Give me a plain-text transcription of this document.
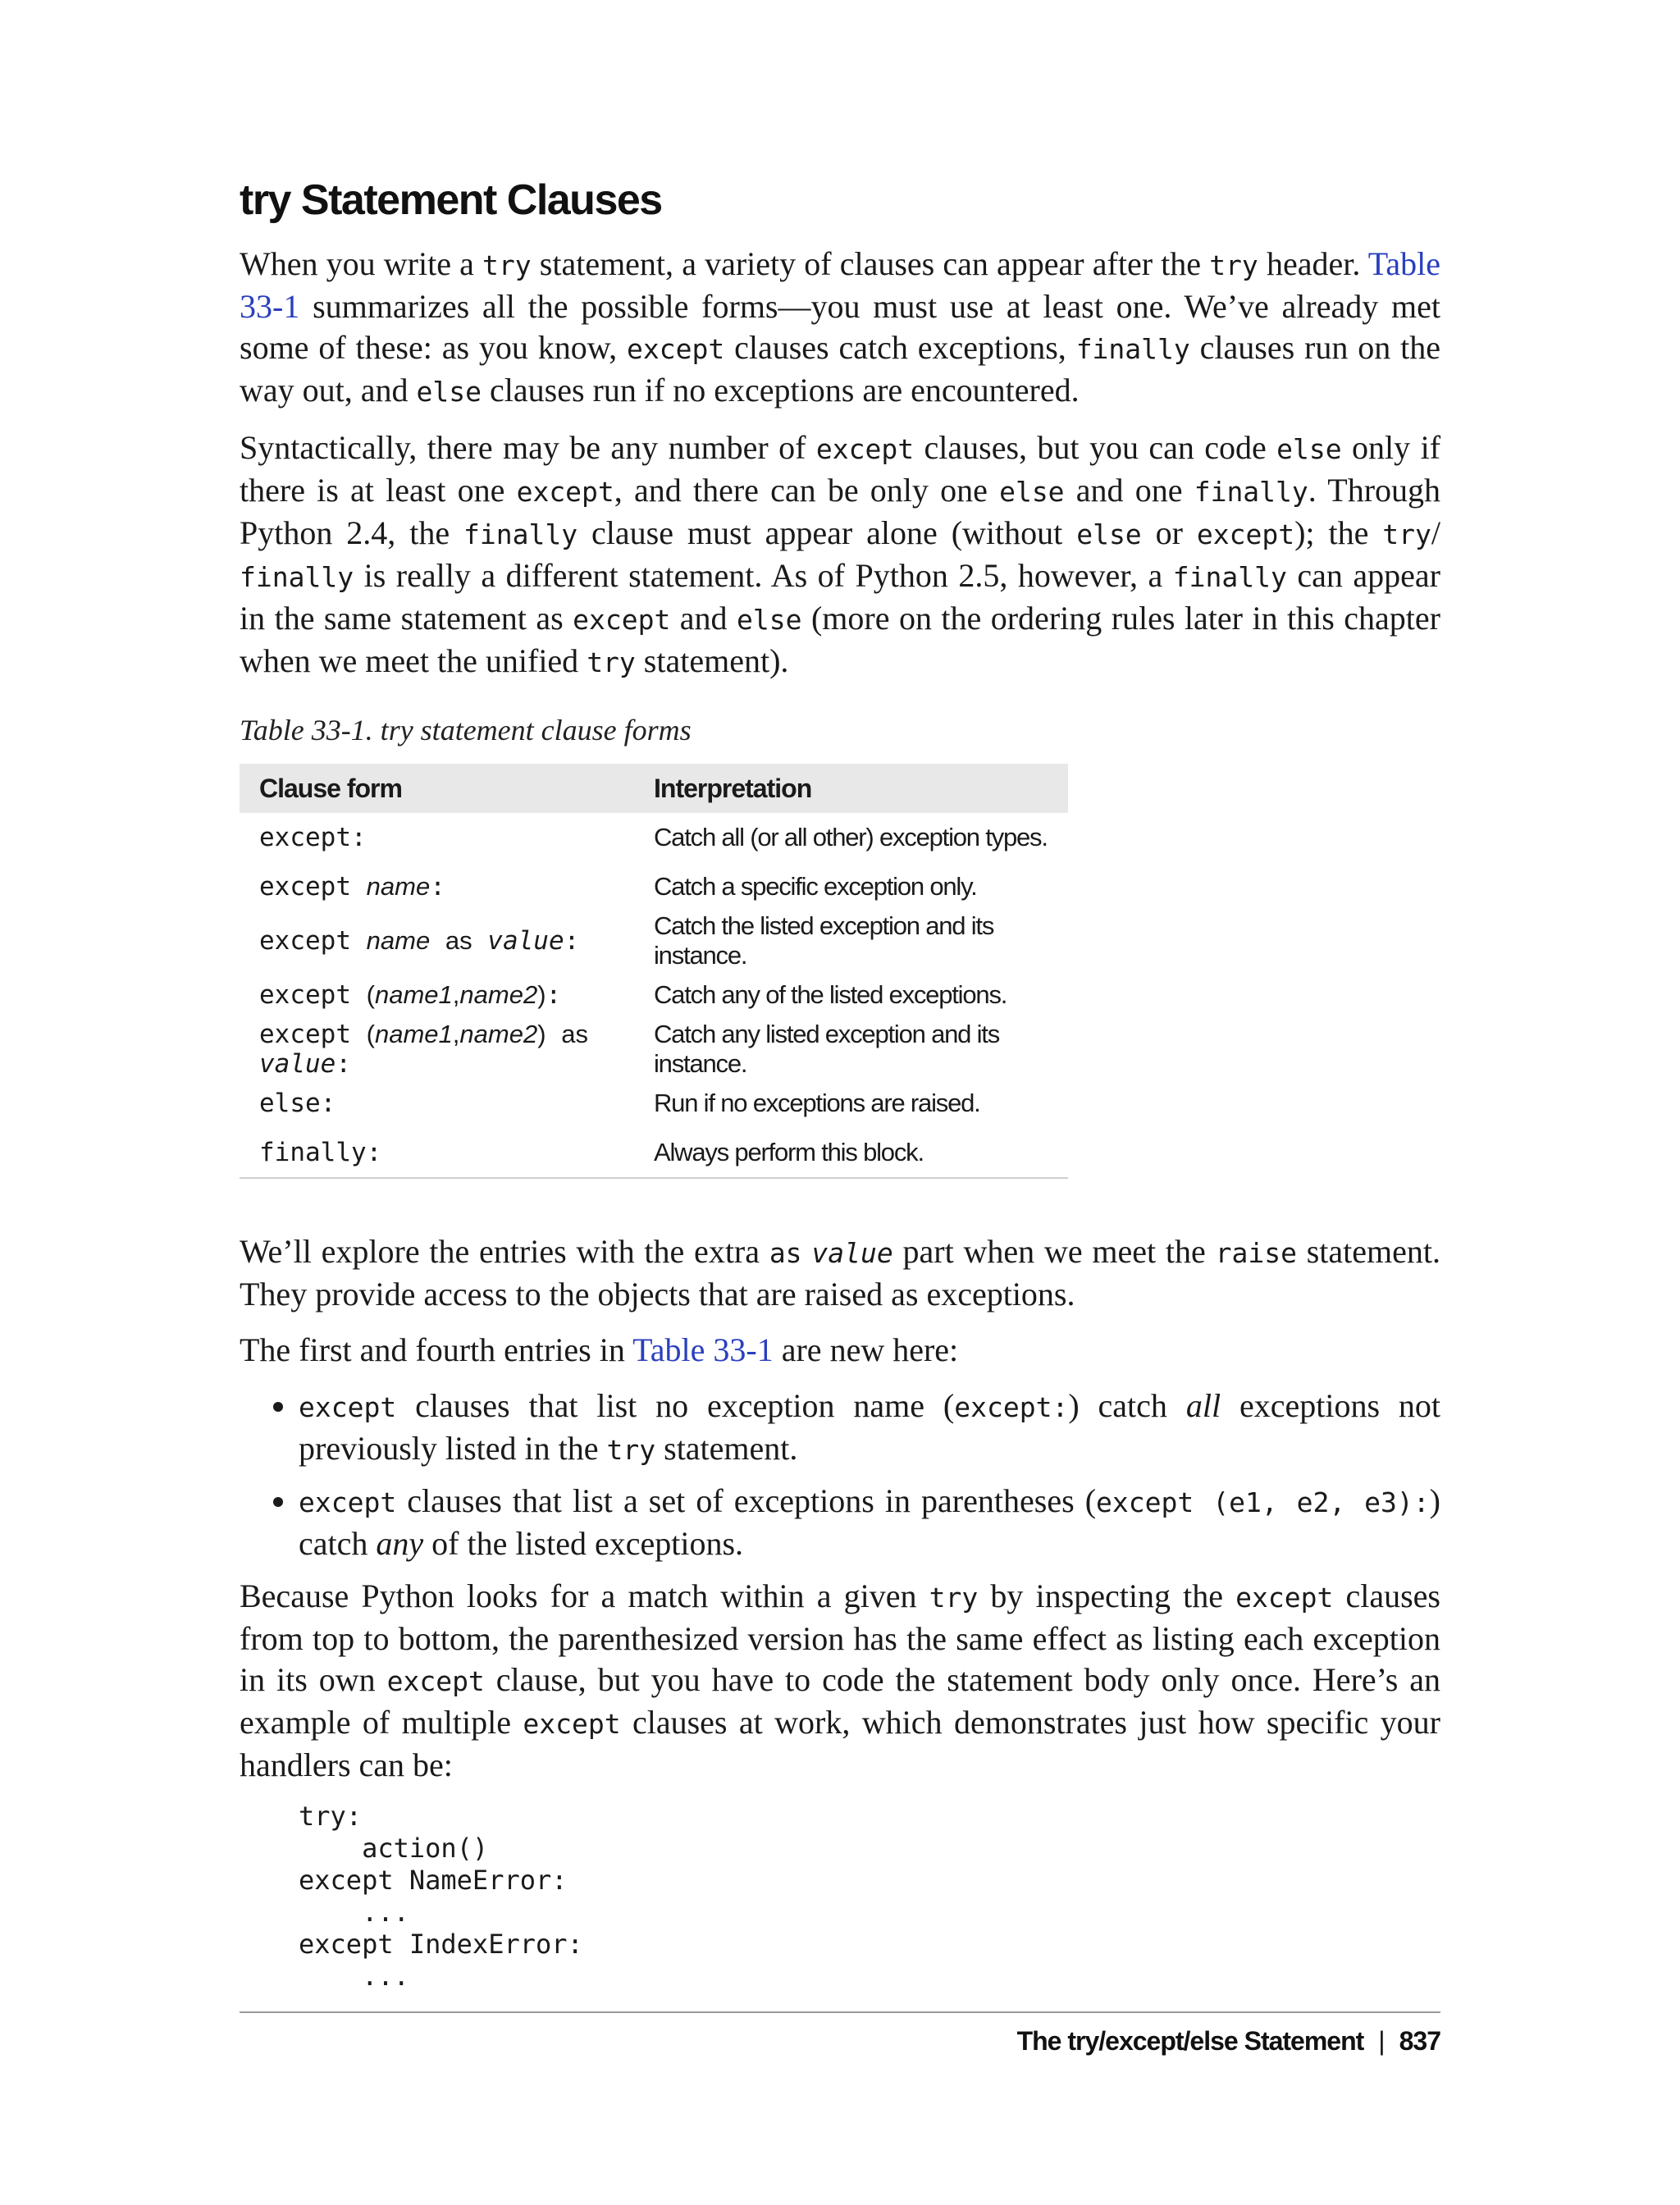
try Statement Clauses

When you write a try statement, a variety of clauses can appear after the try header. Table 33-1 summarizes all the possible forms—you must use at least one. We’ve already met some of these: as you know, except clauses catch exceptions, finally clauses run on the way out, and else clauses run if no exceptions are encountered.

Syntactically, there may be any number of except clauses, but you can code else only if there is at least one except, and there can be only one else and one finally. Through Python 2.4, the finally clause must appear alone (without else or except); the try/ finally is really a different statement. As of Python 2.5, however, a finally can appear in the same statement as except and else (more on the ordering rules later in this chapter when we meet the unified try statement).

Table 33-1. try statement clause forms
Clause form	Interpretation
except:	Catch all (or all other) exception types.
except name:	Catch a specific exception only.
except name as value:	Catch the listed exception and its instance.
except (name1,name2):	Catch any of the listed exceptions.
except (name1,name2) as value:	Catch any listed exception and its instance.
else:	Run if no exceptions are raised.
finally:	Always perform this block.

We’ll explore the entries with the extra as value part when we meet the raise statement. They provide access to the objects that are raised as exceptions.

The first and fourth entries in Table 33-1 are new here:

• except clauses that list no exception name (except:) catch all exceptions not previously listed in the try statement.
• except clauses that list a set of exceptions in parentheses (except (e1, e2, e3):) catch any of the listed exceptions.

Because Python looks for a match within a given try by inspecting the except clauses from top to bottom, the parenthesized version has the same effect as listing each exception in its own except clause, but you have to code the statement body only once. Here’s an example of multiple except clauses at work, which demonstrates just how specific your handlers can be:

try:
action()
except NameError:
...
except IndexError:
...
The try/except/else Statement | 837
